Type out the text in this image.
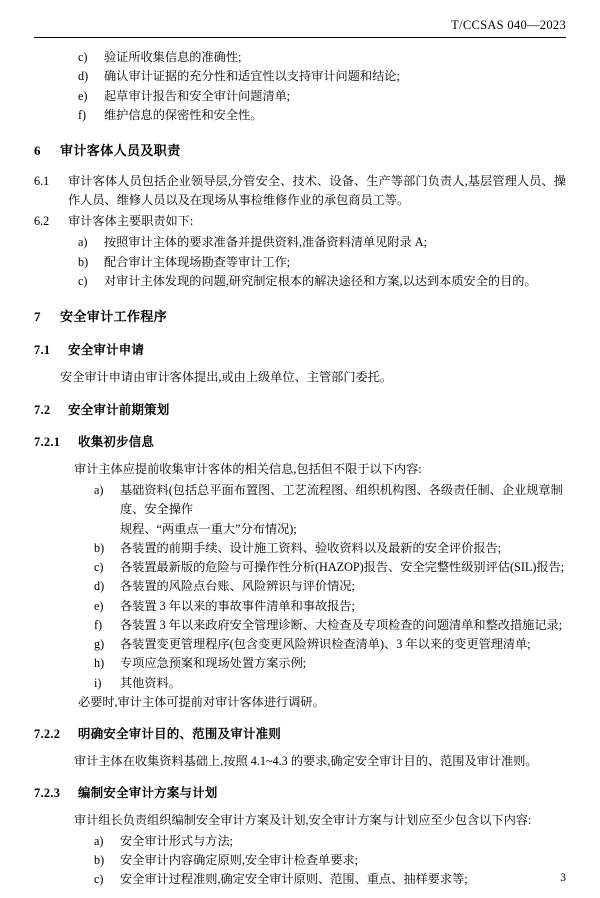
T/CCSAS 040—2023
c)	验证所收集信息的准确性;
d)	确认审计证据的充分性和适宜性以支持审计问题和结论;
e)	起草审计报告和安全审计问题清单;
f)	维护信息的保密性和安全性。
6 审计客体人员及职责
6.1	审计客体人员包括企业领导层,分管安全、技术、设备、生产等部门负责人,基层管理人员、操作人员、维修人员以及在现场从事检维修作业的承包商员工等。
6.2	审计客体主要职责如下:
a)	按照审计主体的要求准备并提供资料,准备资料清单见附录 A;
b)	配合审计主体现场勘查等审计工作;
c)	对审计主体发现的问题,研究制定根本的解决途径和方案,以达到本质安全的目的。
7 安全审计工作程序
7.1 安全审计申请
安全审计申请由审计客体提出,或由上级单位、主管部门委托。
7.2 安全审计前期策划
7.2.1 收集初步信息
审计主体应提前收集审计客体的相关信息,包括但不限于以下内容:
a)	基础资料(包括总平面布置图、工艺流程图、组织机构图、各级责任制、企业规章制度、安全操作
规程、“两重点一重大”分布情况);
b)	各装置的前期手续、设计施工资料、验收资料以及最新的安全评价报告;
c)	各装置最新版的危险与可操作性分析(HAZOP)报告、安全完整性级别评估(SIL)报告;
d)	各装置的风险点台账、风险辨识与评价情况;
e)	各装置 3 年以来的事故事件清单和事故报告;
f)	各装置 3 年以来政府安全管理诊断、大检查及专项检查的问题清单和整改措施记录;
g)	各装置变更管理程序(包含变更风险辨识检查清单)、3 年以来的变更管理清单;
h)	专项应急预案和现场处置方案示例;
i)	其他资料。
必要时,审计主体可提前对审计客体进行调研。
7.2.2 明确安全审计目的、范围及审计准则
审计主体在收集资料基础上,按照 4.1~4.3 的要求,确定安全审计目的、范围及审计准则。
7.2.3 编制安全审计方案与计划
审计组长负责组织编制安全审计方案及计划,安全审计方案与计划应至少包含以下内容:
a)	安全审计形式与方法;
b)	安全审计内容确定原则,安全审计检查单要求;
c)	安全审计过程准则,确定安全审计原则、范围、重点、抽样要求等;	3
